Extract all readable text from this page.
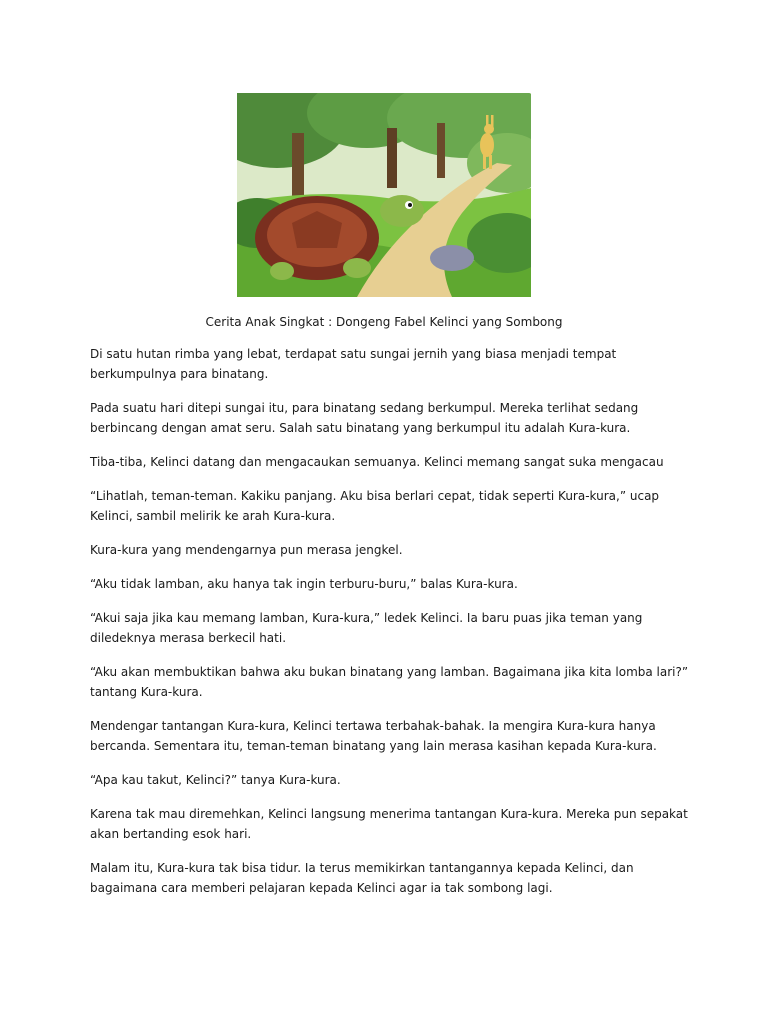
Cerita Anak Singkat : Dongeng Fabel Kelinci yang Sombong

Di satu hutan rimba yang lebat, terdapat satu sungai jernih yang biasa menjadi tempat berkumpulnya para binatang.

Pada suatu hari ditepi sungai itu, para binatang sedang berkumpul. Mereka terlihat sedang berbincang dengan amat seru. Salah satu binatang yang berkumpul itu adalah Kura-kura.

Tiba-tiba, Kelinci datang dan mengacaukan semuanya. Kelinci memang sangat suka mengacau

“Lihatlah, teman-teman. Kakiku panjang. Aku bisa berlari cepat, tidak seperti Kura-kura,” ucap Kelinci, sambil melirik ke arah Kura-kura.

Kura-kura yang mendengarnya pun merasa jengkel.

“Aku tidak lamban, aku hanya tak ingin terburu-buru,” balas Kura-kura.

“Akui saja jika kau memang lamban, Kura-kura,” ledek Kelinci. Ia baru puas jika teman yang diledeknya merasa berkecil hati.

“Aku akan membuktikan bahwa aku bukan binatang yang lamban. Bagaimana jika kita lomba lari?” tantang Kura-kura.

Mendengar tantangan Kura-kura, Kelinci tertawa terbahak-bahak. Ia mengira Kura-kura hanya bercanda. Sementara itu, teman-teman binatang yang lain merasa kasihan kepada Kura-kura.

“Apa kau takut, Kelinci?” tanya Kura-kura.

Karena tak mau diremehkan, Kelinci langsung menerima tantangan Kura-kura. Mereka pun sepakat akan bertanding esok hari.

Malam itu, Kura-kura tak bisa tidur. Ia terus memikirkan tantangannya kepada Kelinci, dan bagaimana cara memberi pelajaran kepada Kelinci agar ia tak sombong lagi.
